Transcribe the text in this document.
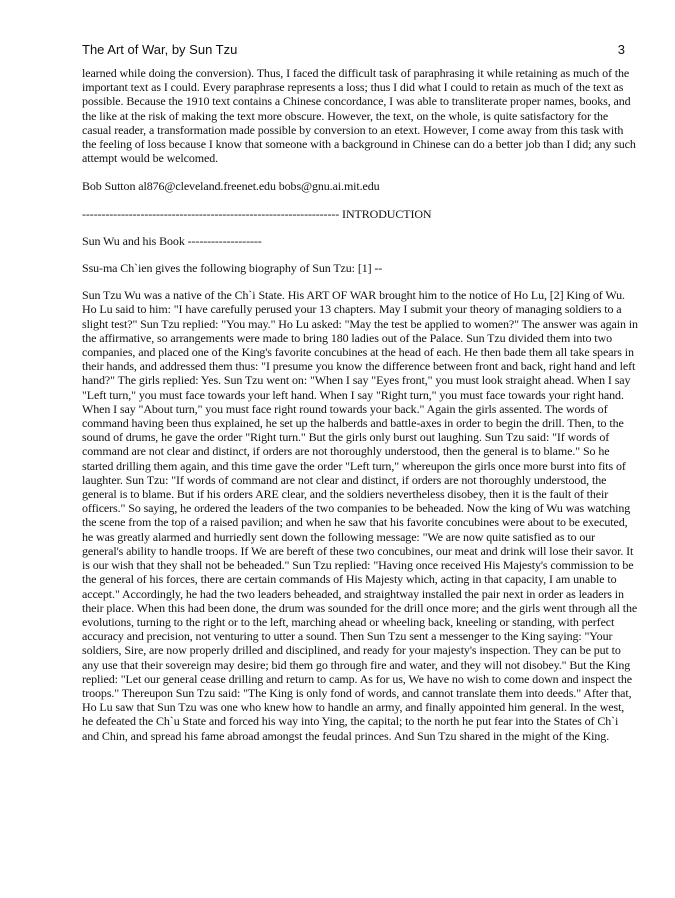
The Art of War, by Sun Tzu	3

learned while doing the conversion). Thus, I faced the difficult task of paraphrasing it while retaining as much of the important text as I could. Every paraphrase represents a loss; thus I did what I could to retain as much of the text as possible. Because the 1910 text contains a Chinese concordance, I was able to transliterate proper names, books, and the like at the risk of making the text more obscure. However, the text, on the whole, is quite satisfactory for the casual reader, a transformation made possible by conversion to an etext. However, I come away from this task with the feeling of loss because I know that someone with a background in Chinese can do a better job than I did; any such attempt would be welcomed.

Bob Sutton al876@cleveland.freenet.edu bobs@gnu.ai.mit.edu

------------------------------------------------------------------ INTRODUCTION

Sun Wu and his Book -------------------

Ssu-ma Ch`ien gives the following biography of Sun Tzu: [1] --

Sun Tzu Wu was a native of the Ch`i State. His ART OF WAR brought him to the notice of Ho Lu, [2] King of Wu. Ho Lu said to him: "I have carefully perused your 13 chapters. May I submit your theory of managing soldiers to a slight test?" Sun Tzu replied: "You may." Ho Lu asked: "May the test be applied to women?" The answer was again in the affirmative, so arrangements were made to bring 180 ladies out of the Palace. Sun Tzu divided them into two companies, and placed one of the King's favorite concubines at the head of each. He then bade them all take spears in their hands, and addressed them thus: "I presume you know the difference between front and back, right hand and left hand?" The girls replied: Yes. Sun Tzu went on: "When I say "Eyes front," you must look straight ahead. When I say "Left turn," you must face towards your left hand. When I say "Right turn," you must face towards your right hand. When I say "About turn," you must face right round towards your back." Again the girls assented. The words of command having been thus explained, he set up the halberds and battle-axes in order to begin the drill. Then, to the sound of drums, he gave the order "Right turn." But the girls only burst out laughing. Sun Tzu said: "If words of command are not clear and distinct, if orders are not thoroughly understood, then the general is to blame." So he started drilling them again, and this time gave the order "Left turn," whereupon the girls once more burst into fits of laughter. Sun Tzu: "If words of command are not clear and distinct, if orders are not thoroughly understood, the general is to blame. But if his orders ARE clear, and the soldiers nevertheless disobey, then it is the fault of their officers." So saying, he ordered the leaders of the two companies to be beheaded. Now the king of Wu was watching the scene from the top of a raised pavilion; and when he saw that his favorite concubines were about to be executed, he was greatly alarmed and hurriedly sent down the following message: "We are now quite satisfied as to our general's ability to handle troops. If We are bereft of these two concubines, our meat and drink will lose their savor. It is our wish that they shall not be beheaded." Sun Tzu replied: "Having once received His Majesty's commission to be the general of his forces, there are certain commands of His Majesty which, acting in that capacity, I am unable to accept." Accordingly, he had the two leaders beheaded, and straightway installed the pair next in order as leaders in their place. When this had been done, the drum was sounded for the drill once more; and the girls went through all the evolutions, turning to the right or to the left, marching ahead or wheeling back, kneeling or standing, with perfect accuracy and precision, not venturing to utter a sound. Then Sun Tzu sent a messenger to the King saying: "Your soldiers, Sire, are now properly drilled and disciplined, and ready for your majesty's inspection. They can be put to any use that their sovereign may desire; bid them go through fire and water, and they will not disobey." But the King replied: "Let our general cease drilling and return to camp. As for us, We have no wish to come down and inspect the troops." Thereupon Sun Tzu said: "The King is only fond of words, and cannot translate them into deeds." After that, Ho Lu saw that Sun Tzu was one who knew how to handle an army, and finally appointed him general. In the west, he defeated the Ch`u State and forced his way into Ying, the capital; to the north he put fear into the States of Ch`i and Chin, and spread his fame abroad amongst the feudal princes. And Sun Tzu shared in the might of the King.
